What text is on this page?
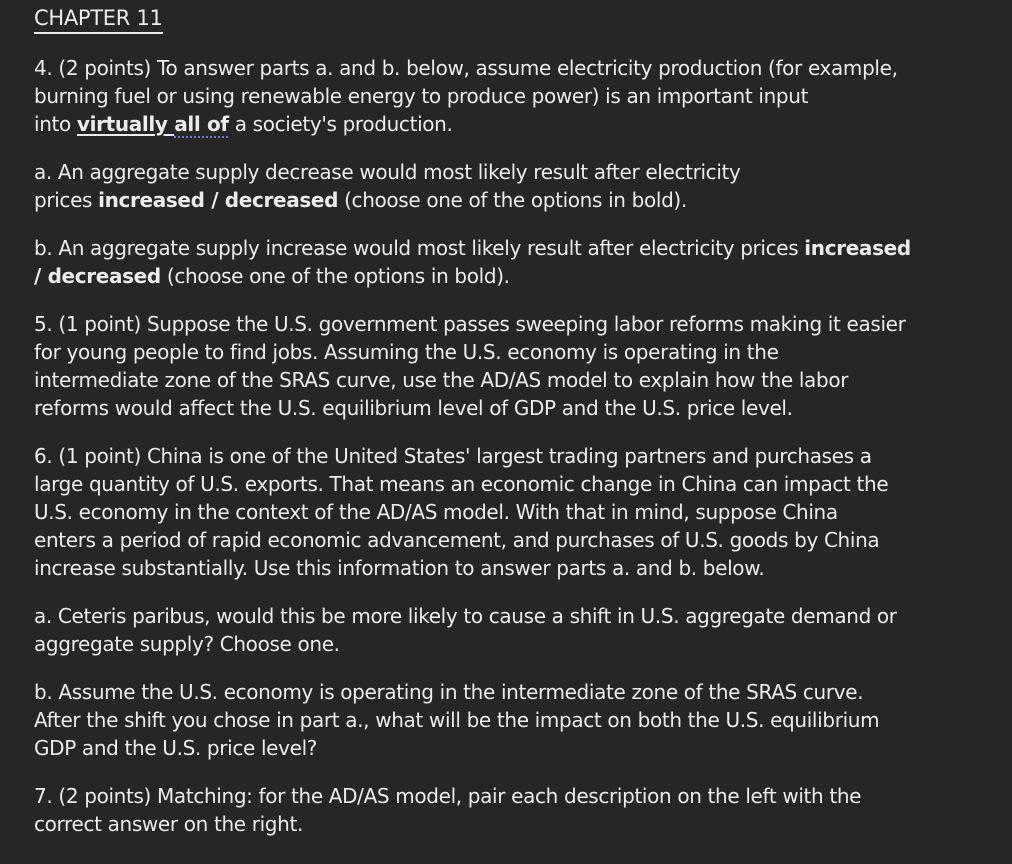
CHAPTER 11
4. (2 points) To answer parts a. and b. below, assume electricity production (for example,
burning fuel or using renewable energy to produce power) is an important input
into virtually all of a society's production.
a. An aggregate supply decrease would most likely result after electricity
prices increased / decreased (choose one of the options in bold).
b. An aggregate supply increase would most likely result after electricity prices increased
/ decreased (choose one of the options in bold).
5. (1 point) Suppose the U.S. government passes sweeping labor reforms making it easier
for young people to find jobs. Assuming the U.S. economy is operating in the
intermediate zone of the SRAS curve, use the AD/AS model to explain how the labor
reforms would affect the U.S. equilibrium level of GDP and the U.S. price level.
6. (1 point) China is one of the United States' largest trading partners and purchases a
large quantity of U.S. exports. That means an economic change in China can impact the
U.S. economy in the context of the AD/AS model. With that in mind, suppose China
enters a period of rapid economic advancement, and purchases of U.S. goods by China
increase substantially. Use this information to answer parts a. and b. below.
a. Ceteris paribus, would this be more likely to cause a shift in U.S. aggregate demand or
aggregate supply? Choose one.
b. Assume the U.S. economy is operating in the intermediate zone of the SRAS curve.
After the shift you chose in part a., what will be the impact on both the U.S. equilibrium
GDP and the U.S. price level?
7. (2 points) Matching: for the AD/AS model, pair each description on the left with the
correct answer on the right.
